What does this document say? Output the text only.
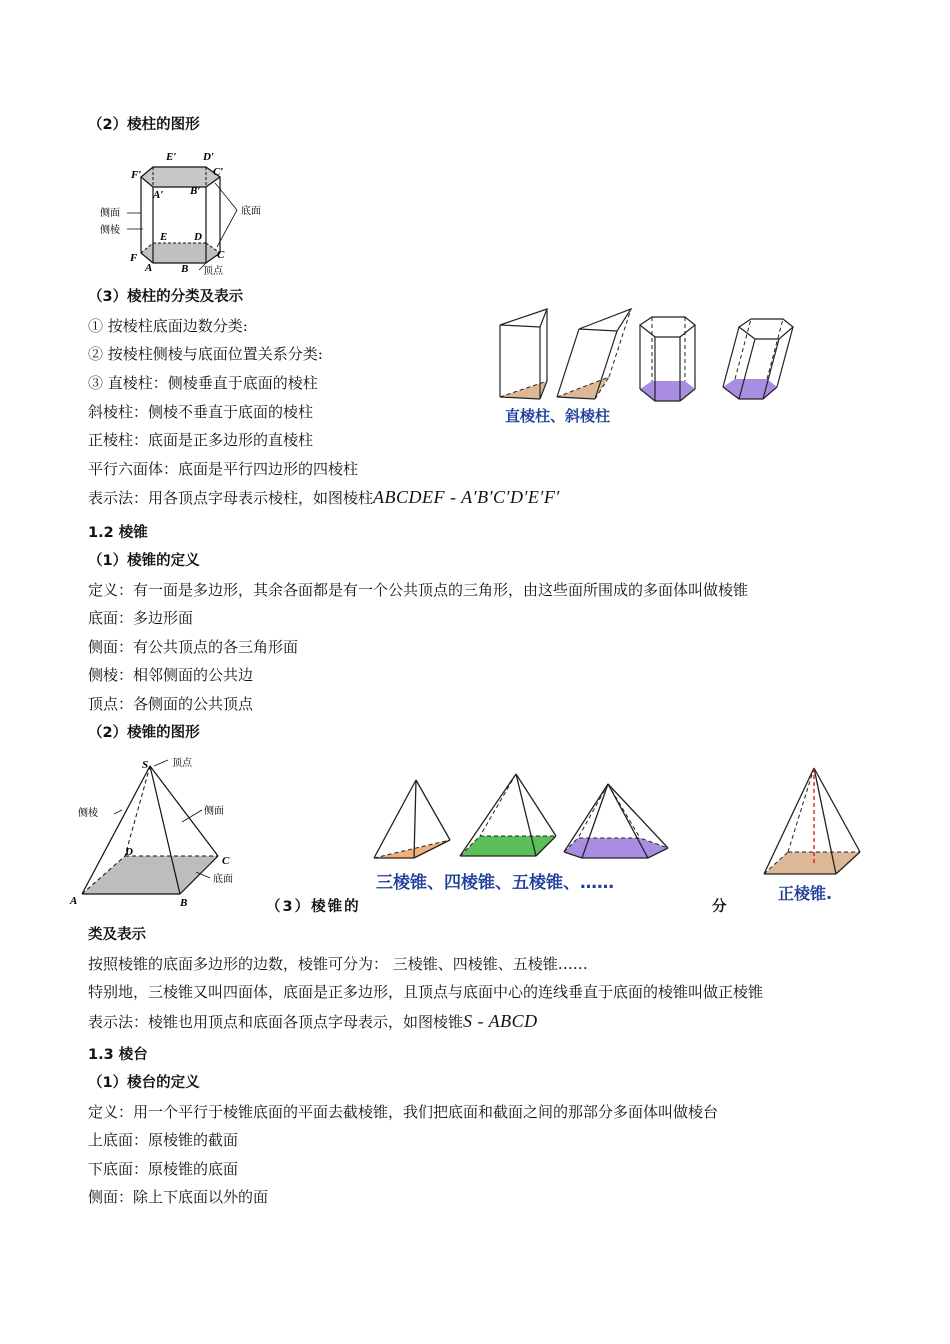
（2）棱柱的图形
E′ D′
F′	C′
A′ B′
E D
F	C
A	B
侧面
侧棱
底面
顶点
（3）棱柱的分类及表示
① 按棱柱底面边数分类:
② 按棱柱侧棱与底面位置关系分类:
③ 直棱柱：侧棱垂直于底面的棱柱
斜棱柱：侧棱不垂直于底面的棱柱
正棱柱：底面是正多边形的直棱柱
平行六面体：底面是平行四边形的四棱柱
表示法：用各顶点字母表示棱柱，如图棱柱ABCDEF - A′B′C′D′E′F′
直棱柱、斜棱柱
1.2 棱锥
（1）棱锥的定义
定义：有一面是多边形，其余各面都是有一个公共顶点的三角形，由这些面所围成的多面体叫做棱锥
底面：多边形面
侧面：有公共顶点的各三角形面
侧棱：相邻侧面的公共边
顶点：各侧面的公共顶点
（2）棱锥的图形
S
D
C
A	B
顶点
侧棱	侧面
底面	三棱锥、四棱锥、五棱锥、……
正棱锥.
（3）棱锥的	分
类及表示
按照棱锥的底面多边形的边数，棱锥可分为： 三棱锥、四棱锥、五棱锥……
特别地，三棱锥又叫四面体，底面是正多边形，且顶点与底面中心的连线垂直于底面的棱锥叫做正棱锥
表示法：棱锥也用顶点和底面各顶点字母表示，如图棱锥S - ABCD
1.3 棱台
（1）棱台的定义
定义：用一个平行于棱锥底面的平面去截棱锥，我们把底面和截面之间的那部分多面体叫做棱台
上底面：原棱锥的截面
下底面：原棱锥的底面
侧面：除上下底面以外的面
